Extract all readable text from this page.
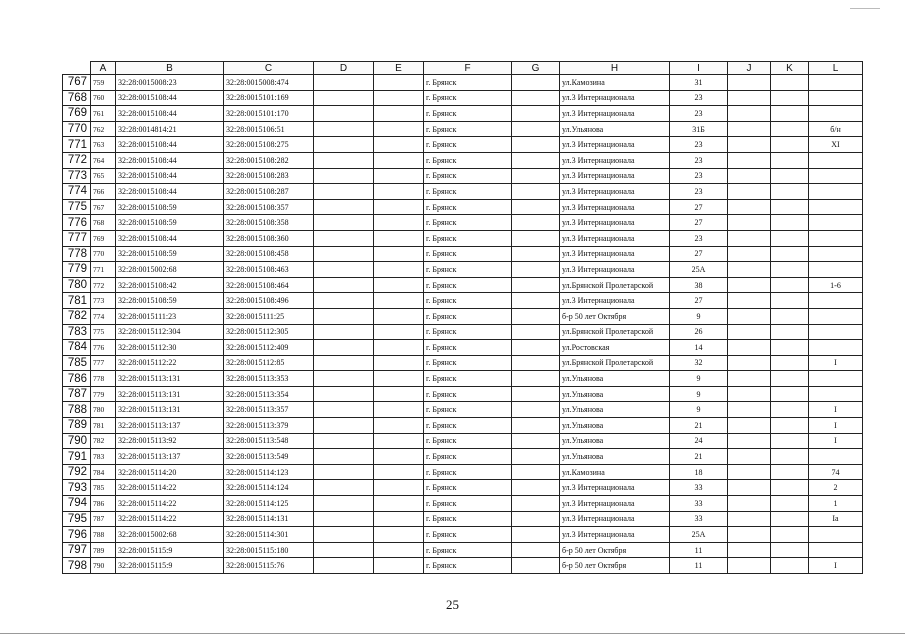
	A	B	C	D	E	F	G	H	I	J	K	L
767	759	32:28:0015008:23	32:28:0015008:474			г. Брянск		ул.Камозина	31			
768	760	32:28:0015108:44	32:28:0015101:169			г. Брянск		ул.3 Интернационала	23			
769	761	32:28:0015108:44	32:28:0015101:170			г. Брянск		ул.3 Интернационала	23			
770	762	32:28:0014814:21	32:28:0015106:51			г. Брянск		ул.Ульянова	31Б			б/н
771	763	32:28:0015108:44	32:28:0015108:275			г. Брянск		ул.3 Интернационала	23			XI
772	764	32:28:0015108:44	32:28:0015108:282			г. Брянск		ул.3 Интернационала	23			
773	765	32:28:0015108:44	32:28:0015108:283			г. Брянск		ул.3 Интернационала	23			
774	766	32:28:0015108:44	32:28:0015108:287			г. Брянск		ул.3 Интернационала	23			
775	767	32:28:0015108:59	32:28:0015108:357			г. Брянск		ул.3 Интернационала	27			
776	768	32:28:0015108:59	32:28:0015108:358			г. Брянск		ул.3 Интернационала	27			
777	769	32:28:0015108:44	32:28:0015108:360			г. Брянск		ул.3 Интернационала	23			
778	770	32:28:0015108:59	32:28:0015108:458			г. Брянск		ул.3 Интернационала	27			
779	771	32:28:0015002:68	32:28:0015108:463			г. Брянск		ул.3 Интернационала	25А			
780	772	32:28:0015108:42	32:28:0015108:464			г. Брянск		ул.Брянской Пролетарской	38			1-6
781	773	32:28:0015108:59	32:28:0015108:496			г. Брянск		ул.3 Интернационала	27			
782	774	32:28:0015111:23	32:28:0015111:25			г. Брянск		б-р 50 лет Октября	9			
783	775	32:28:0015112:304	32:28:0015112:305			г. Брянск		ул.Брянской Пролетарской	26			
784	776	32:28:0015112:30	32:28:0015112:409			г. Брянск		ул.Ростовская	14			
785	777	32:28:0015112:22	32:28:0015112:85			г. Брянск		ул.Брянской Пролетарской	32			I
786	778	32:28:0015113:131	32:28:0015113:353			г. Брянск		ул.Ульянова	9			
787	779	32:28:0015113:131	32:28:0015113:354			г. Брянск		ул.Ульянова	9			
788	780	32:28:0015113:131	32:28:0015113:357			г. Брянск		ул.Ульянова	9			I
789	781	32:28:0015113:137	32:28:0015113:379			г. Брянск		ул.Ульянова	21			I
790	782	32:28:0015113:92	32:28:0015113:548			г. Брянск		ул.Ульянова	24			I
791	783	32:28:0015113:137	32:28:0015113:549			г. Брянск		ул.Ульянова	21			
792	784	32:28:0015114:20	32:28:0015114:123			г. Брянск		ул.Камозина	18			74
793	785	32:28:0015114:22	32:28:0015114:124			г. Брянск		ул.3 Интернационала	33			2
794	786	32:28:0015114:22	32:28:0015114:125			г. Брянск		ул.3 Интернационала	33			1
795	787	32:28:0015114:22	32:28:0015114:131			г. Брянск		ул.3 Интернационала	33			Iа
796	788	32:28:0015002:68	32:28:0015114:301			г. Брянск		ул.3 Интернационала	25А			
797	789	32:28:0015115:9	32:28:0015115:180			г. Брянск		б-р 50 лет Октября	11			
798	790	32:28:0015115:9	32:28:0015115:76			г. Брянск		б-р 50 лет Октября	11			I
25
